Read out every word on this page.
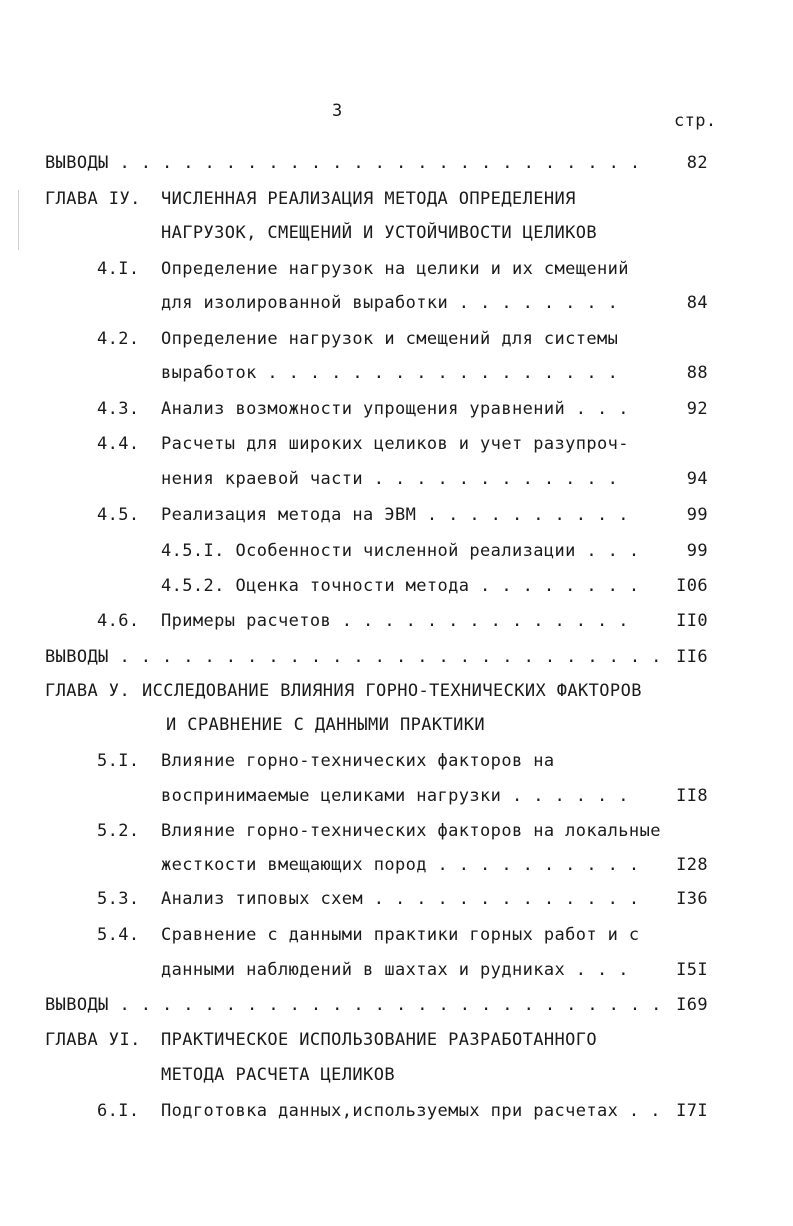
3	стр.
ВЫВОДЫ . . . . . . . . . . . . . . . . . . . . . . . . .	82
ГЛАВА IУ. ЧИСЛЕННАЯ РЕАЛИЗАЦИЯ МЕТОДА ОПРЕДЕЛЕНИЯ
НАГРУЗОК, СМЕЩЕНИЙ И УСТОЙЧИВОСТИ ЦЕЛИКОВ
4.I. Определение нагрузок на целики и их смещений
для изолированной выработки . . . . . . . .	84
4.2. Определение нагрузок и смещений для системы
выработок . . . . . . . . . . . . . . . . .	88
4.3. Анализ возможности упрощения уравнений . . .	92
4.4. Расчеты для широких целиков и учет разупроч-
нения краевой части . . . . . . . . . . . .	94
4.5. Реализация метода на ЭВМ . . . . . . . . . .	99
4.5.I. Особенности численной реализации . . .	99
4.5.2. Оценка точности метода . . . . . . . .	I06
4.6. Примеры расчетов . . . . . . . . . . . . . .	II0
ВЫВОДЫ . . . . . . . . . . . . . . . . . . . . . . . . . . II6
ГЛАВА У. ИССЛЕДОВАНИЕ ВЛИЯНИЯ ГОРНО-ТЕХНИЧЕСКИХ ФАКТОРОВ
И СРАВНЕНИЕ С ДАННЫМИ ПРАКТИКИ
5.I. Влияние горно-технических факторов на
воспринимаемые целиками нагрузки . . . . . .	II8
5.2. Влияние горно-технических факторов на локальные
жесткости вмещающих пород . . . . . . . . . .	I28
5.3. Анализ типовых схем . . . . . . . . . . . . .	I36
5.4. Сравнение с данными практики горных работ и с
данными наблюдений в шахтах и рудниках . . .	I5I
ВЫВОДЫ . . . . . . . . . . . . . . . . . . . . . . . . . . I69
ГЛАВА УI. ПРАКТИЧЕСКОЕ ИСПОЛЬЗОВАНИЕ РАЗРАБОТАННОГО
МЕТОДА РАСЧЕТА ЦЕЛИКОВ
6.I. Подготовка данных,используемых при расчетах . . I7I
